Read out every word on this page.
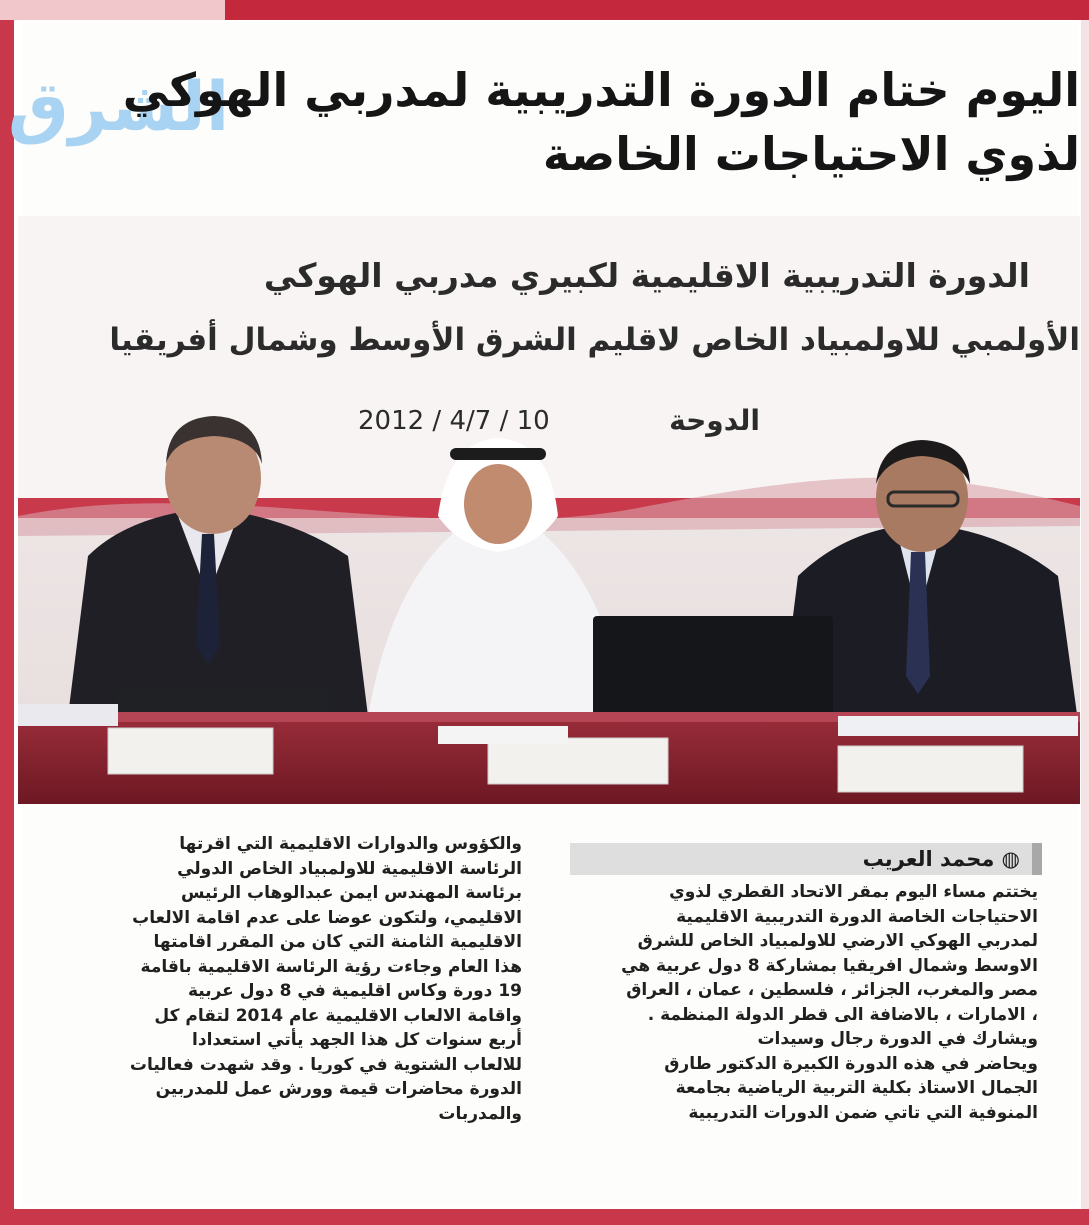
الشرق
اليوم ختام الدورة التدريبية لمدربي الهوكي
لذوي الاحتياجات الخاصة
الدورة التدريبية الاقليمية لكبيري مدربي الهوكي
الأولمبي للاولمبياد الخاص لاقليم الشرق الأوسط وشمال أفريقيا
الدوحة
2012 / 4/7 / 10
◍ محمد العريب
يختتم مساء اليوم بمقر الاتحاد القطري لذوي
الاحتياجات الخاصة الدورة التدريبية الاقليمية
لمدربي الهوكي الارضي للاولمبياد الخاص للشرق
الاوسط وشمال افريقيا بمشاركة 8 دول عربية هي
مصر والمغرب، الجزائر ، فلسطين ، عمان ، العراق
، الامارات ، بالاضافة الى قطر الدولة المنظمة .
ويشارك في الدورة رجال وسيدات
ويحاضر في هذه الدورة الكبيرة الدكتور طارق
الجمال الاستاذ بكلية التربية الرياضية بجامعة
المنوفية التي تاتي ضمن الدورات التدريبية
والكؤوس والدوارات الاقليمية التي اقرتها
الرئاسة الاقليمية للاولمبياد الخاص الدولي
برئاسة المهندس ايمن عبدالوهاب الرئيس
الاقليمي، ولتكون عوضا على عدم اقامة الالعاب
الاقليمية الثامنة التي كان من المقرر اقامتها
هذا العام وجاءت رؤية الرئاسة الاقليمية باقامة
19 دورة وكاس اقليمية في 8 دول عربية
واقامة الالعاب الاقليمية عام 2014 لتقام كل
أربع سنوات كل هذا الجهد يأتي استعدادا
للالعاب الشتوية في كوريا . وقد شهدت فعاليات
الدورة محاضرات قيمة وورش عمل للمدربين
والمدربات
